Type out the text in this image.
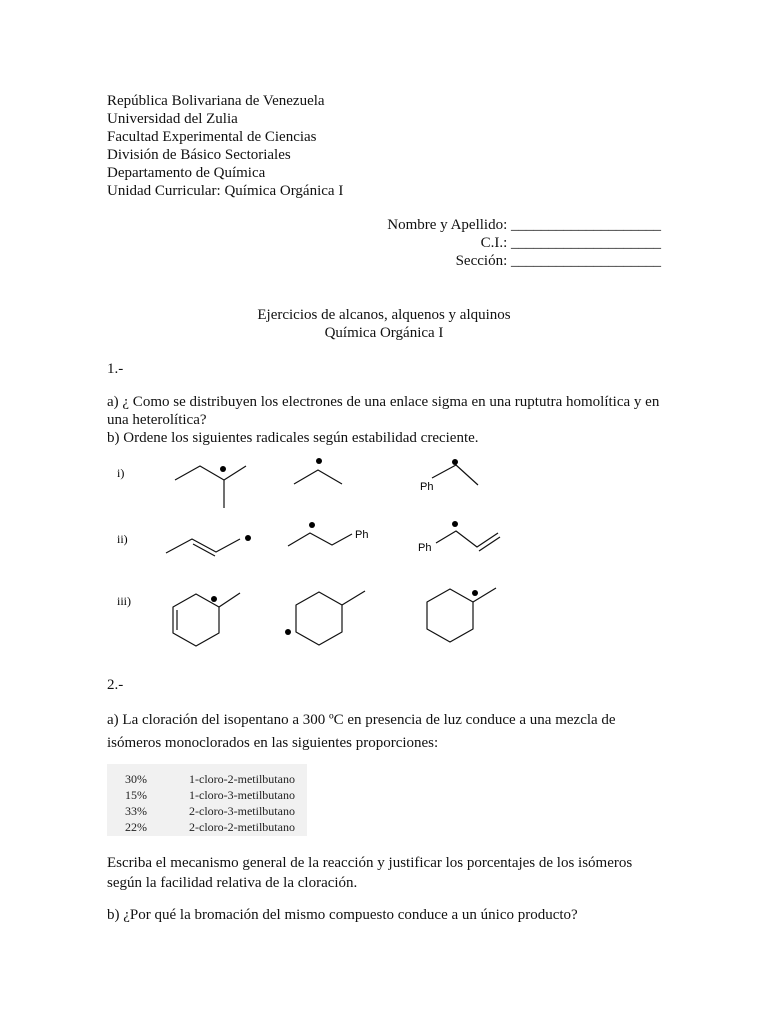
República Bolivariana de Venezuela
Universidad del Zulia
Facultad Experimental de Ciencias
División de Básico Sectoriales
Departamento de Química
Unidad Curricular: Química Orgánica I
Nombre y Apellido: ____________________
C.I.: ____________________
Sección: ____________________
Ejercicios de alcanos, alquenos y alquinos
Química Orgánica I
1.-
a) ¿ Como se distribuyen los electrones de una enlace sigma en una ruptutra homolítica y en una heterolítica?
b) Ordene los siguientes radicales según estabilidad creciente.
i)
ii)
iii)
Ph
Ph
Ph
2.-
a) La cloración del isopentano a 300 ºC en presencia de luz conduce a una mezcla de isómeros monoclorados en las siguientes proporciones:
30%	1-cloro-2-metilbutano
15%	1-cloro-3-metilbutano
33%	2-cloro-3-metilbutano
22%	2-cloro-2-metilbutano
Escriba el mecanismo general de la reacción y justificar los porcentajes de los isómeros según la facilidad relativa de la cloración.
b) ¿Por qué la bromación del mismo compuesto conduce a un único producto?
